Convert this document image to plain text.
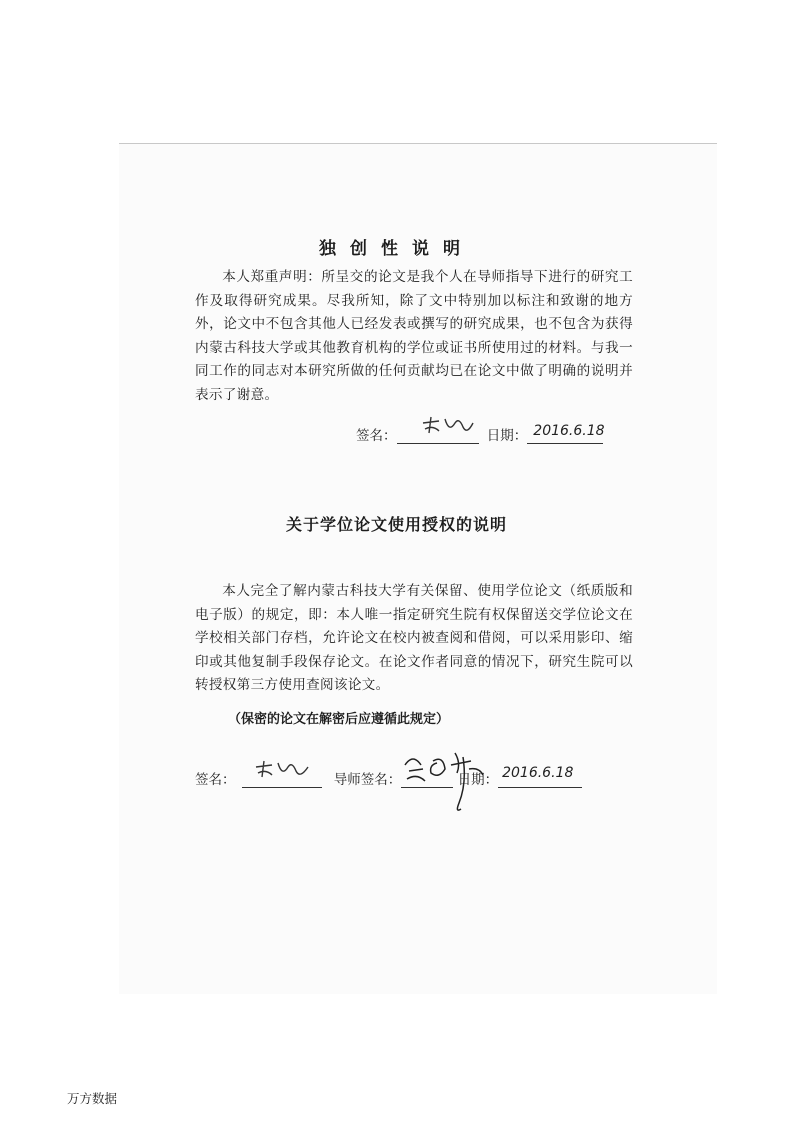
独创性说明

本人郑重声明：所呈交的论文是我个人在导师指导下进行的研究工作及取得研究成果。尽我所知，除了文中特别加以标注和致谢的地方外，论文中不包含其他人已经发表或撰写的研究成果，也不包含为获得内蒙古科技大学或其他教育机构的学位或证书所使用过的材料。与我一同工作的同志对本研究所做的任何贡献均已在论文中做了明确的说明并表示了谢意。

签名：	日期： 2016.6.18
关于学位论文使用授权的说明

本人完全了解内蒙古科技大学有关保留、使用学位论文（纸质版和电子版）的规定，即：本人唯一指定研究生院有权保留送交学位论文在学校相关部门存档，允许论文在校内被查阅和借阅，可以采用影印、缩印或其他复制手段保存论文。在论文作者同意的情况下，研究生院可以转授权第三方使用查阅该论文。

（保密的论文在解密后应遵循此规定）
签名：	导师签名：	日期： 2016.6.18
万方数据
